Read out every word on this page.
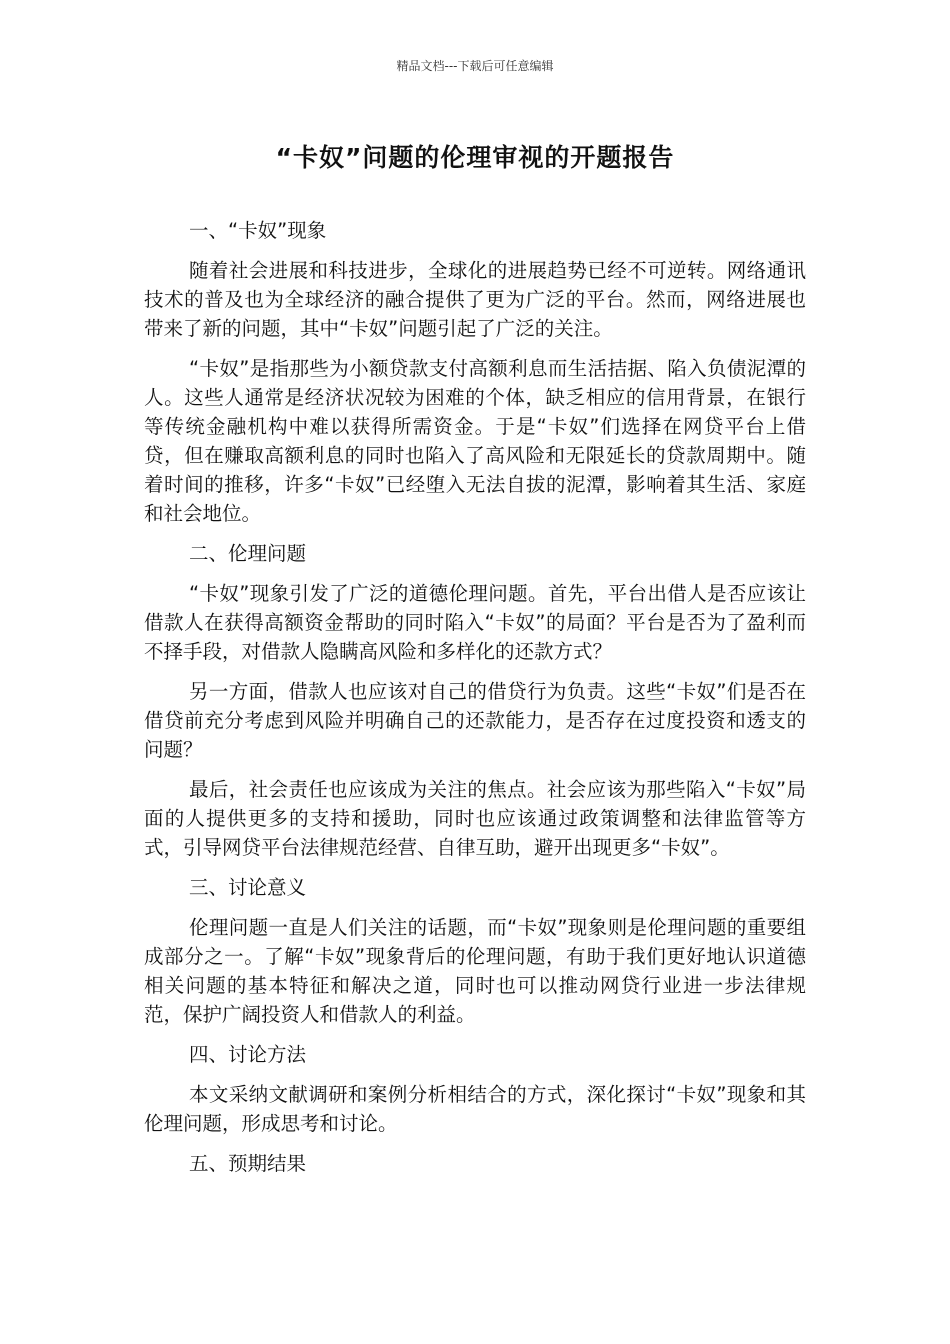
精品文档---下载后可任意编辑
“卡奴”问题的伦理审视的开题报告

一、“卡奴”现象

随着社会进展和科技进步，全球化的进展趋势已经不可逆转。网络通讯技术的普及也为全球经济的融合提供了更为广泛的平台。然而，网络进展也带来了新的问题，其中“卡奴”问题引起了广泛的关注。

“卡奴”是指那些为小额贷款支付高额利息而生活拮据、陷入负债泥潭的人。这些人通常是经济状况较为困难的个体，缺乏相应的信用背景，在银行等传统金融机构中难以获得所需资金。于是“卡奴”们选择在网贷平台上借贷，但在赚取高额利息的同时也陷入了高风险和无限延长的贷款周期中。随着时间的推移，许多“卡奴”已经堕入无法自拔的泥潭，影响着其生活、家庭和社会地位。

二、伦理问题

“卡奴”现象引发了广泛的道德伦理问题。首先，平台出借人是否应该让借款人在获得高额资金帮助的同时陷入“卡奴”的局面？平台是否为了盈利而不择手段，对借款人隐瞒高风险和多样化的还款方式？

另一方面，借款人也应该对自己的借贷行为负责。这些“卡奴”们是否在借贷前充分考虑到风险并明确自己的还款能力，是否存在过度投资和透支的问题？

最后，社会责任也应该成为关注的焦点。社会应该为那些陷入“卡奴”局面的人提供更多的支持和援助，同时也应该通过政策调整和法律监管等方式，引导网贷平台法律规范经营、自律互助，避开出现更多“卡奴”。

三、讨论意义

伦理问题一直是人们关注的话题，而“卡奴”现象则是伦理问题的重要组成部分之一。了解“卡奴”现象背后的伦理问题，有助于我们更好地认识道德相关问题的基本特征和解决之道，同时也可以推动网贷行业进一步法律规范，保护广阔投资人和借款人的利益。

四、讨论方法

本文采纳文献调研和案例分析相结合的方式，深化探讨“卡奴”现象和其伦理问题，形成思考和讨论。

五、预期结果
